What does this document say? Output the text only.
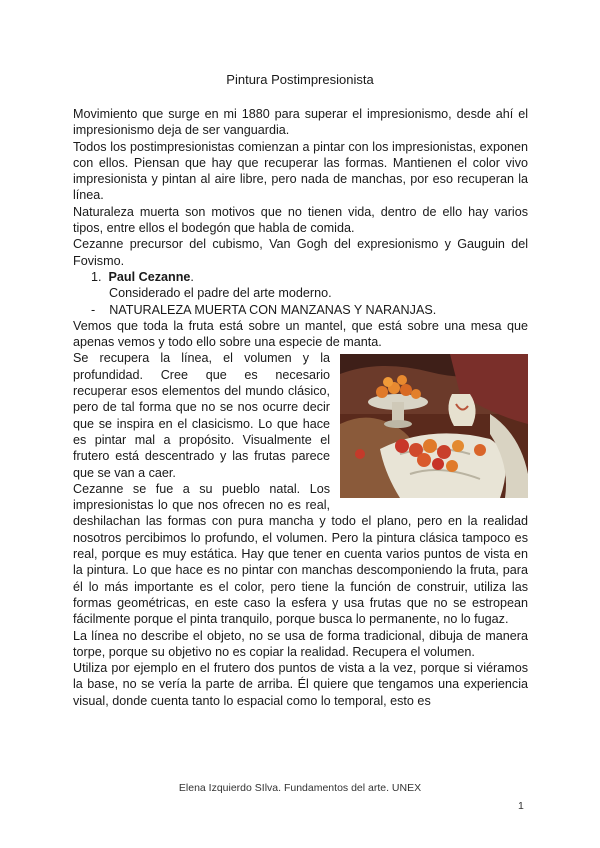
Pintura Postimpresionista

Movimiento que surge en mi 1880 para superar el impresionismo, desde ahí el impresionismo deja de ser vanguardia.

Todos los postimpresionistas comienzan a pintar con los impresionistas, exponen con ellos. Piensan que hay que recuperar las formas. Mantienen el color vivo impresionista y pintan al aire libre, pero nada de manchas, por eso recuperan la línea.

Naturaleza muerta son motivos que no tienen vida, dentro de ello hay varios tipos, entre ellos el bodegón que habla de comida.

Cezanne precursor del cubismo, Van Gogh del expresionismo y Gauguin del Fovismo.

1. Paul Cezanne.

Considerado el padre del arte moderno.

- NATURALEZA MUERTA CON MANZANAS Y NARANJAS.

Vemos que toda la fruta está sobre un mantel, que está sobre una mesa que apenas vemos y todo ello sobre una especie de manta.

Se recupera la línea, el volumen y la profundidad. Cree que es necesario recuperar esos elementos del mundo clásico, pero de tal forma que no se nos ocurre decir que se inspira en el clasicismo. Lo que hace es pintar mal a propósito. Visualmente el frutero está descentrado y las frutas parece que se van a caer.

Cezanne se fue a su pueblo natal. Los impresionistas lo que nos ofrecen no es real, deshilachan las formas con pura mancha y todo el plano, pero en la realidad nosotros percibimos lo profundo, el volumen. Pero la pintura clásica tampoco es real, porque es muy estática. Hay que tener en cuenta varios puntos de vista en la pintura. Lo que hace es no pintar con manchas descomponiendo la fruta, para él lo más importante es el color, pero tiene la función de construir, utiliza las formas geométricas, en este caso la esfera y usa frutas que no se estropean fácilmente porque el pinta tranquilo, porque busca lo permanente, no lo fugaz.

La línea no describe el objeto, no se usa de forma tradicional, dibuja de manera torpe, porque su objetivo no es copiar la realidad. Recupera el volumen.

Utiliza por ejemplo en el frutero dos puntos de vista a la vez, porque si viéramos la base, no se vería la parte de arriba. Él quiere que tengamos una experiencia visual, donde cuenta tanto lo espacial como lo temporal, esto es

Elena Izquierdo SIlva. Fundamentos del arte. UNEX
1
